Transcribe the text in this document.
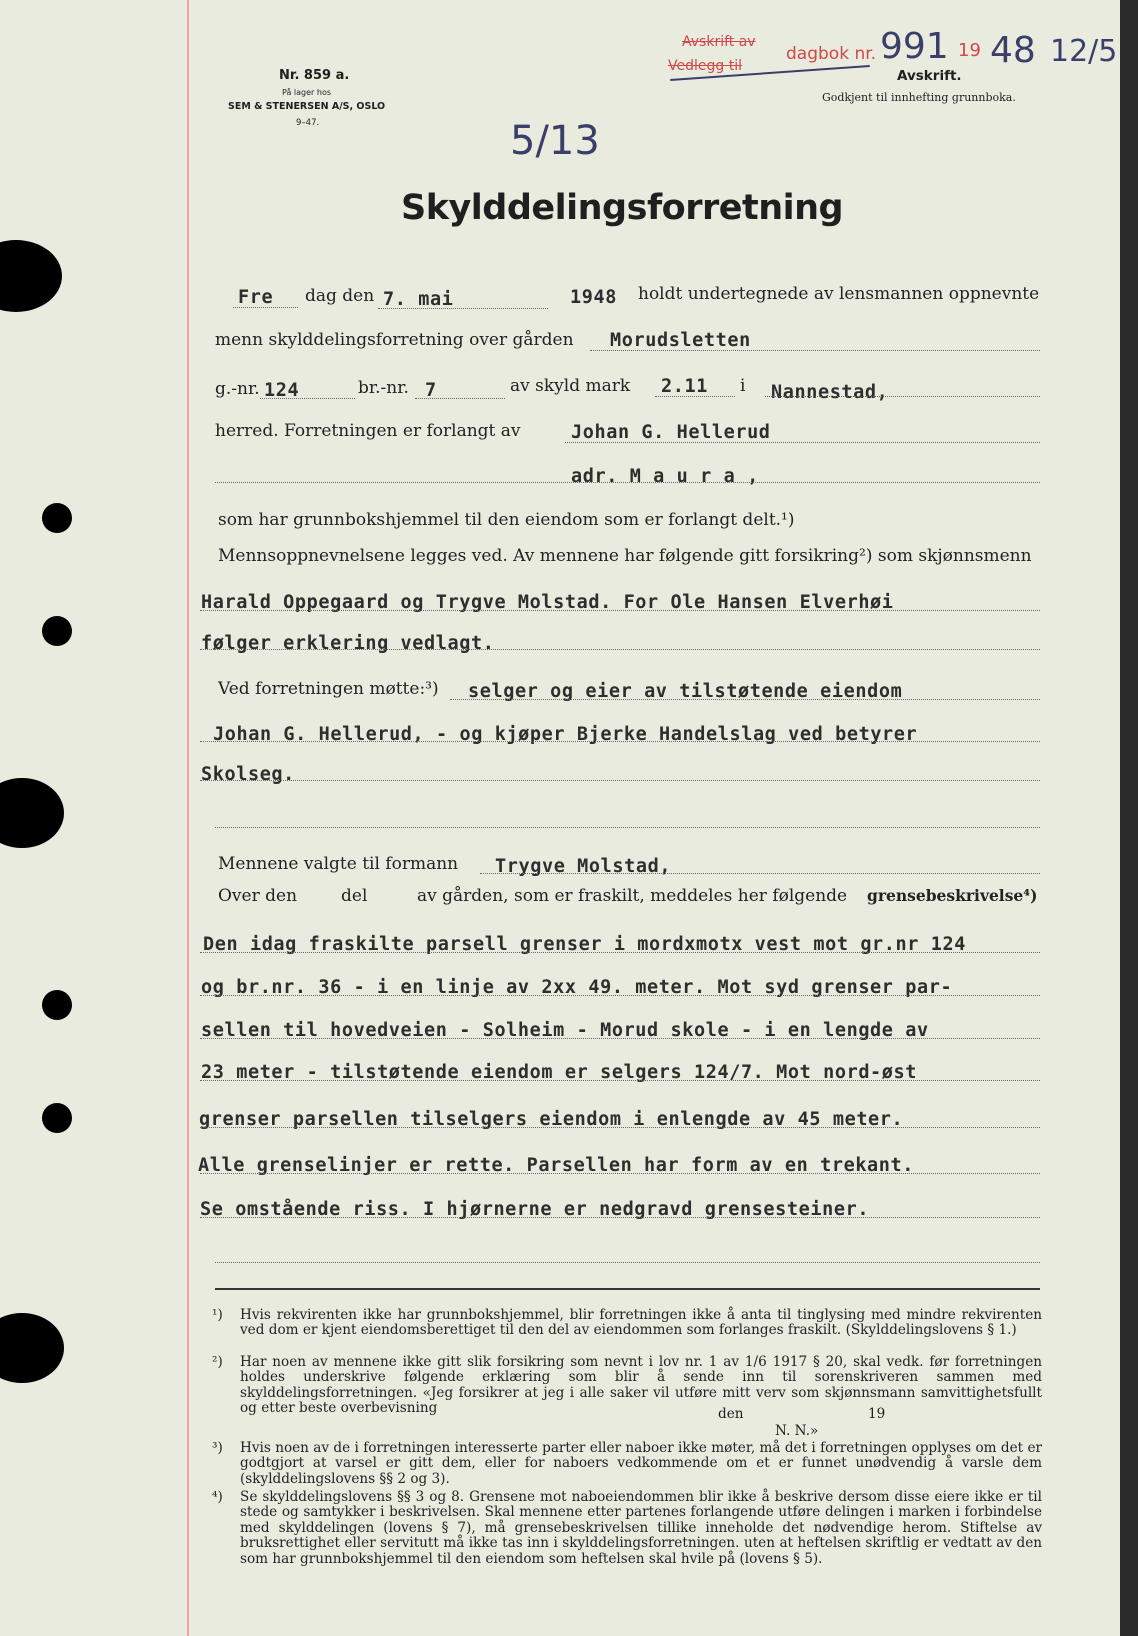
Nr. 859 a.
På lager hos
SEM & STENERSEN A/S, OSLO
9–47.
Avskrift av
Vedlegg til
dagbok nr. 991 19 48 12/5
Avskrift.
Godkjent til innhefting grunnboka.
5/13
Skylddelingsforretning
Fre dag den 7. mai	1948 holdt undertegnede av lensmannen oppnevnte
menn skylddelingsforretning over gården Morudsletten
g.-nr. 124	br.-nr. 7	av skyld mark 2.11 i Nannestad,
herred. Forretningen er forlangt av	Johan G. Hellerud
adr. M a u r a ,
som har grunnbokshjemmel til den eiendom som er forlangt delt.¹)
Mennsoppnevnelsene legges ved. Av mennene har følgende gitt forsikring²) som skjønnsmenn
Harald Oppegaard og Trygve Molstad. For Ole Hansen Elverhøi
følger erklering vedlagt.
Ved forretningen møtte:³) selger og eier av tilstøtende eiendom
Johan G. Hellerud, - og kjøper Bjerke Handelslag ved betyrer
Skolseg.
Mennene valgte til formann Trygve Molstad,
Over den	del	av gården, som er fraskilt, meddeles her følgende grensebeskrivelse⁴)
Den idag fraskilte parsell grenser i mordxmotx vest mot gr.nr 124
og br.nr. 36 - i en linje av 2xx 49. meter. Mot syd grenser par-
sellen til hovedveien - Solheim - Morud skole - i en lengde av
23 meter - tilstøtende eiendom er selgers 124/7. Mot nord-øst
grenser parsellen tilselgers eiendom i enlengde av 45 meter.
Alle grenselinjer er rette. Parsellen har form av en trekant.
Se omstående riss. I hjørnerne er nedgravd grensesteiner.
¹) Hvis rekvirenten ikke har grunnbokshjemmel, blir forretningen ikke å anta til tinglysing med mindre rekvirenten ved dom er kjent eiendomsberettiget til den del av eiendommen som forlanges fraskilt. (Skylddelingslovens § 1.)
²) Har noen av mennene ikke gitt slik forsikring som nevnt i lov nr. 1 av 1/6 1917 § 20, skal vedk. før forretningen holdes underskrive følgende erklæring som blir å sende inn til sorenskriveren sammen med skylddelingsforretningen. «Jeg forsikrer at jeg i alle saker vil utføre mitt verv som skjønnsmann samvittighetsfullt og etter beste overbevisning	den	19
N. N.»
³) Hvis noen av de i forretningen interesserte parter eller naboer ikke møter, må det i forretningen opplyses om det er godtgjort at varsel er gitt dem, eller for naboers vedkommende om et er funnet unødvendig å varsle dem (skylddelingslovens §§ 2 og 3).
⁴) Se skylddelingslovens §§ 3 og 8. Grensene mot naboeiendommen blir ikke å beskrive dersom disse eiere ikke er til stede og samtykker i beskrivelsen. Skal mennene etter partenes forlangende utføre delingen i marken i forbindelse med skylddelingen (lovens § 7), må grensebeskrivelsen tillike inneholde det nødvendige herom. Stiftelse av bruksrettighet eller servitutt må ikke tas inn i skylddelingsforretningen. uten at heftelsen skriftlig er vedtatt av den som har grunnbokshjemmel til den eiendom som heftelsen skal hvile på (lovens § 5).
